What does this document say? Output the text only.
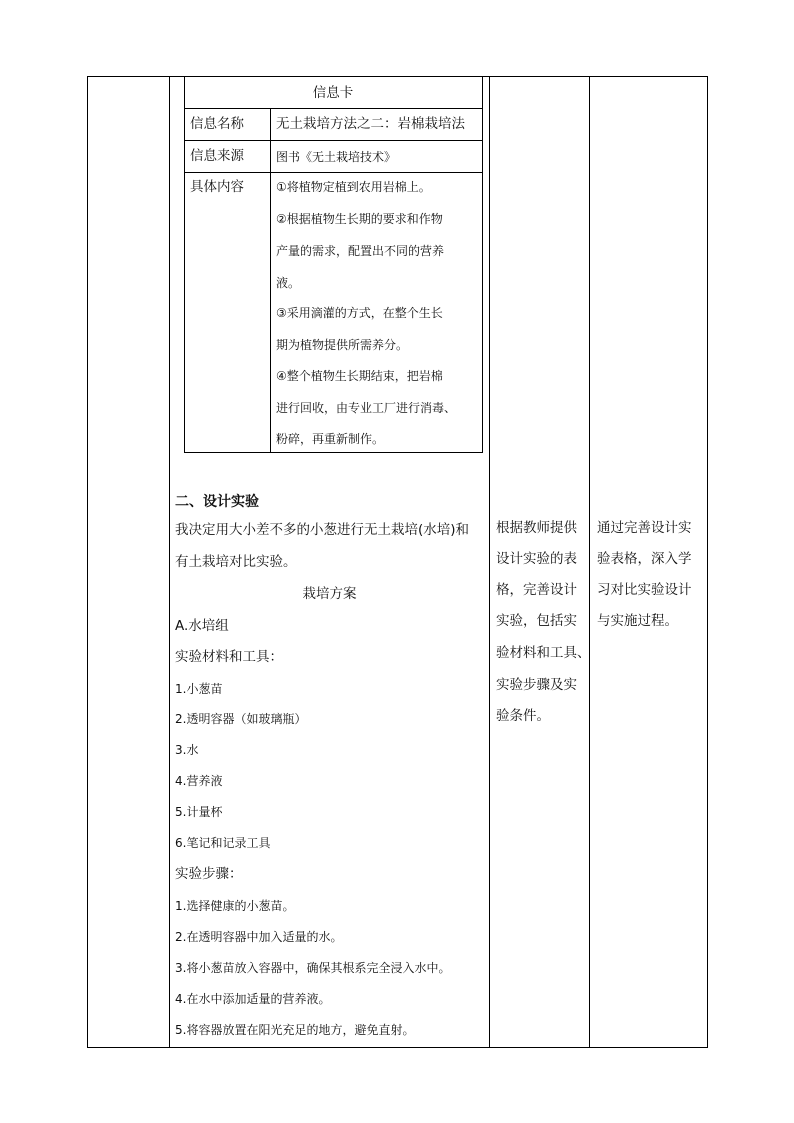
信息卡
信息名称 无土栽培方法之二：岩棉栽培法
信息来源	图书《无土栽培技术》
具体内容	①将植物定植到农用岩棉上。
②根据植物生长期的要求和作物
产量的需求，配置出不同的营养
液。
③采用滴灌的方式，在整个生长
期为植物提供所需养分。
④整个植物生长期结束，把岩棉
进行回收，由专业工厂进行消毒、
粉碎，再重新制作。
二、设计实验
我决定用大小差不多的小葱进行无土栽培(水培)和
有土栽培对比实验。
栽培方案
A.水培组
实验材料和工具：
1.小葱苗
2.透明容器（如玻璃瓶）
3.水
4.营养液
5.计量杯
6.笔记和记录工具
实验步骤：
1.选择健康的小葱苗。
2.在透明容器中加入适量的水。
3.将小葱苗放入容器中，确保其根系完全浸入水中。
4.在水中添加适量的营养液。
5.将容器放置在阳光充足的地方，避免直射。
根据教师提供
设计实验的表
格，完善设计
实验，包括实
验材料和工具、
实验步骤及实
验条件。
通过完善设计实
验表格，深入学
习对比实验设计
与实施过程。
